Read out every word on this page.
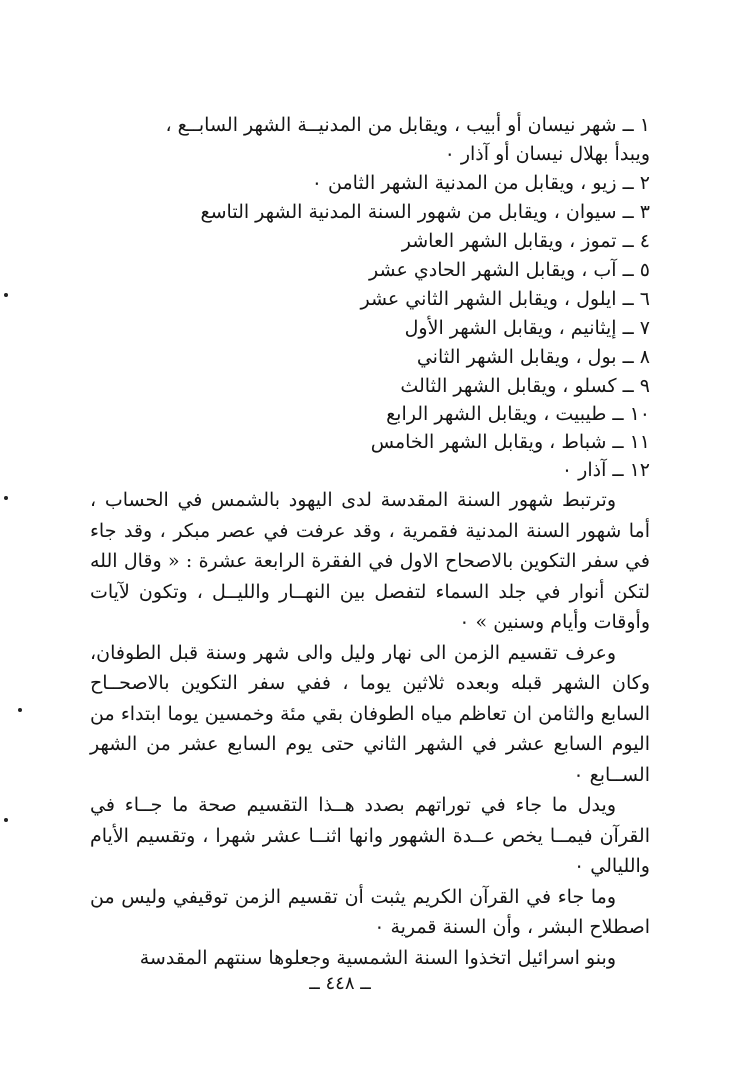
١ ــ شهر نيسان أو أبيب ، ويقابل من المدنيــة الشهر السابــع ،
ويبدأ بهلال نيسان أو آذار ٠
٢ ــ زيو ، ويقابل من المدنية الشهر الثامن ٠
٣ ــ سيوان ، ويقابل من شهور السنة المدنية الشهر التاسع
٤ ــ تموز ، ويقابل الشهر العاشر
٥ ــ آب ، ويقابل الشهر الحادي عشر
٦ ــ ايلول ، ويقابل الشهر الثاني عشر
٧ ــ إيثانيم ، ويقابل الشهر الأول
٨ ــ بول ، ويقابل الشهر الثاني
٩ ــ كسلو ، ويقابل الشهر الثالث
١٠ ــ طيبيت ، ويقابل الشهر الرابع
١١ ــ شباط ، ويقابل الشهر الخامس
١٢ ــ آذار ٠

وترتبط شهور السنة المقدسة لدى اليهود بالشمس في الحساب ، أما شهور السنة المدنية فقمرية ، وقد عرفت في عصر مبكر ، وقد جاء في سفر التكوين بالاصحاح الاول في الفقرة الرابعة عشرة : « وقال الله لتكن أنوار في جلد السماء لتفصل بين النهــار والليــل ، وتكون لآيات وأوقات وأيام وسنين » ٠

وعرف تقسيم الزمن الى نهار وليل والى شهر وسنة قبل الطوفان، وكان الشهر قبله وبعده ثلاثين يوما ، ففي سفر التكوين بالاصحــاح السابع والثامن ان تعاظم مياه الطوفان بقي مئة وخمسين يوما ابتداء من اليوم السابع عشر في الشهر الثاني حتى يوم السابع عشر من الشهر الســابع ٠

ويدل ما جاء في توراتهم بصدد هــذا التقسيم صحة ما جــاء في القرآن فيمــا يخص عــدة الشهور وانها اثنــا عشر شهرا ، وتقسيم الأيام والليالي ٠

وما جاء في القرآن الكريم يثبت أن تقسيم الزمن توقيفي وليس من اصطلاح البشر ، وأن السنة قمرية ٠

وبنو اسرائيل اتخذوا السنة الشمسية وجعلوها سنتهم المقدسة

ــ ٤٤٨ ــ
